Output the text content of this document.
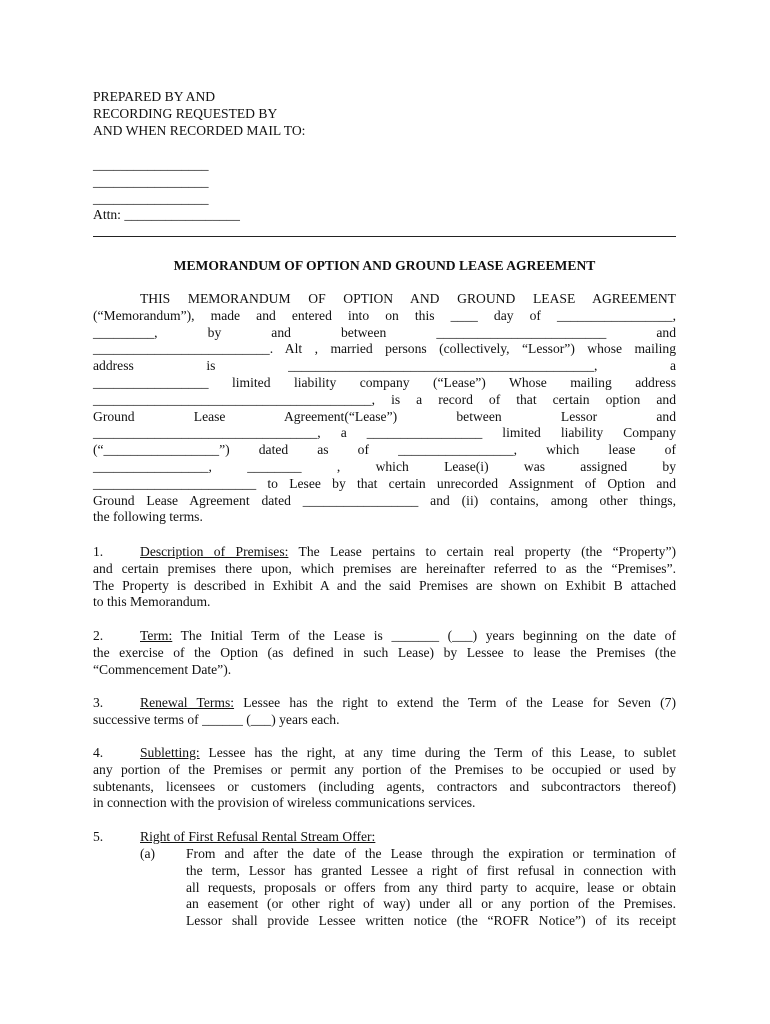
PREPARED BY AND
RECORDING REQUESTED BY
AND WHEN RECORDED MAIL TO:
_________________
_________________
_________________
Attn: _________________
MEMORANDUM OF OPTION AND GROUND LEASE AGREEMENT
THIS MEMORANDUM OF OPTION AND GROUND LEASE AGREEMENT
(“Memorandum”), made and entered into on this ____ day of _________________,
_________, by and between _________________________ and
__________________________. Alt , married persons (collectively, “Lessor”) whose mailing
address is _____________________________________________, a
_________________ limited liability company (“Lease”) Whose mailing address
_________________________________________, is a record of that certain option and
Ground Lease Agreement(“Lease”) between Lessor and
_________________________________, a _________________ limited liability Company
(“_________________”) dated as of _________________, which lease of
_________________, ________ , which Lease(i) was assigned by
________________________ to Lesee by that certain unrecorded Assignment of Option and
Ground Lease Agreement dated _________________ and (ii) contains, among other things,
the following terms.
1.	Description of Premises: The Lease pertains to certain real property (the “Property”)
and certain premises there upon, which premises are hereinafter referred to as the “Premises”.
The Property is described in Exhibit A and the said Premises are shown on Exhibit B attached
to this Memorandum.
2.	Term: The Initial Term of the Lease is _______ (___) years beginning on the date of
the exercise of the Option (as defined in such Lease) by Lessee to lease the Premises (the
“Commencement Date”).
3.	Renewal Terms: Lessee has the right to extend the Term of the Lease for Seven (7)
successive terms of ______ (___) years each.
4.	Subletting: Lessee has the right, at any time during the Term of this Lease, to sublet
any portion of the Premises or permit any portion of the Premises to be occupied or used by
subtenants, licensees or customers (including agents, contractors and subcontractors thereof)
in connection with the provision of wireless communications services.
5.	Right of First Refusal Rental Stream Offer:
(a) From and after the date of the Lease through the expiration or termination of
the term, Lessor has granted Lessee a right of first refusal in connection with
all requests, proposals or offers from any third party to acquire, lease or obtain
an easement (or other right of way) under all or any portion of the Premises.
Lessor shall provide Lessee written notice (the “ROFR Notice”) of its receipt
